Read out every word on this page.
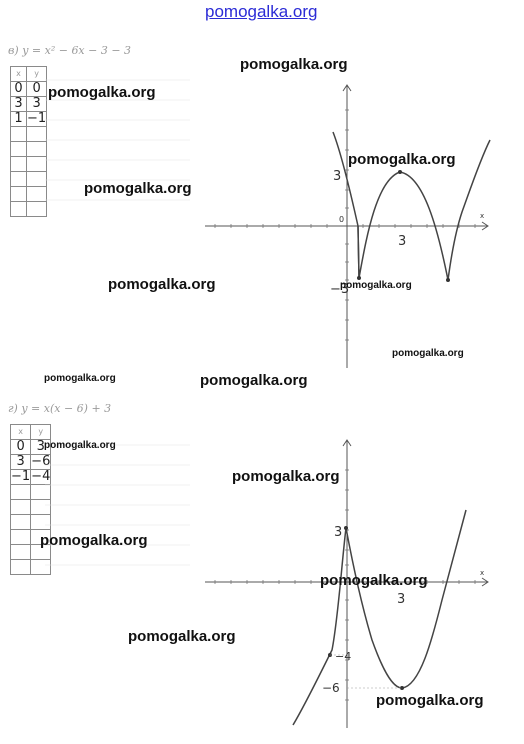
pomogalka.org
в) y = x² − 6x − 3 − 3
x	y
0	0
3	3
1	−1

г) y = x(x − 6) + 3
x	y
0	3
3	−6
−1	−4

3
−3
3
0	x
3
−4
−6
3
x
pomogalka.org
pomogalka.org
pomogalka.org
pomogalka.org
pomogalka.org	pomogalka.org
pomogalka.org
pomogalka.org	pomogalka.org
pomogalka.org
pomogalka.org
pomogalka.org
pomogalka.org
pomogalka.org
pomogalka.org
